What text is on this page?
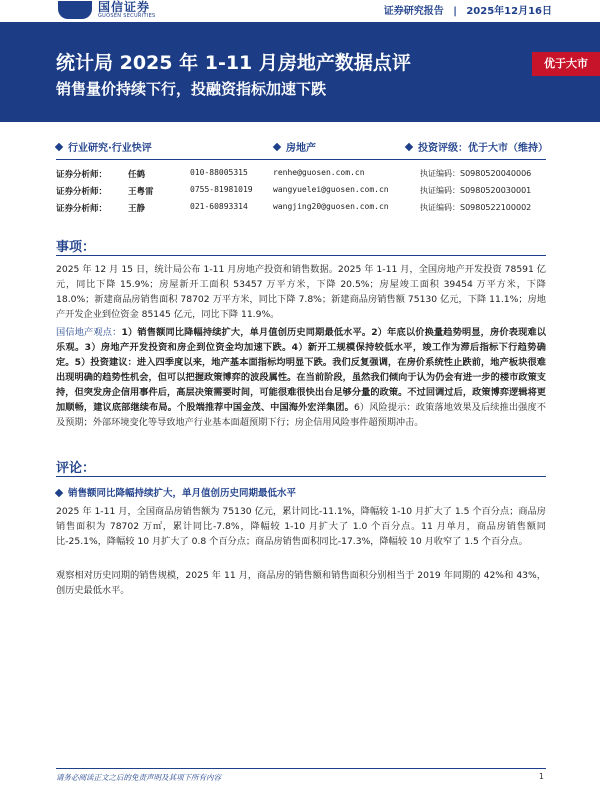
国信证券
GUOSEN SECURITIES	证券研究报告 | 2025年12月16日
统计局 2025 年 1-11 月房地产数据点评
销售量价持续下行，投融资指标加速下跌
优于大市
行业研究·行业快评	房地产	投资评级：优于大市（维持）
证券分析师： 任鹤	010-88005315	renhe@guosen.com.cn	执证编码：S0980520040006
证券分析师： 王粤雷	0755-81981019	wangyuelei@guosen.com.cn	执证编码：S0980520030001
证券分析师： 王静	021-60893314	wangjing20@guosen.com.cn	执证编码：S0980522100002
事项：
2025 年 12 月 15 日，统计局公布 1-11 月房地产投资和销售数据。2025 年 1-11 月，全国房地产开发投资 78591 亿元，同比下降 15.9%；房屋新开工面积 53457 万平方米，下降 20.5%；房屋竣工面积 39454 万平方米，下降 18.0%；新建商品房销售面积 78702 万平方米，同比下降 7.8%；新建商品房销售额 75130 亿元，下降 11.1%；房地产开发企业到位资金 85145 亿元，同比下降 11.9%。
国信地产观点：1）销售额同比降幅持续扩大，单月值创历史同期最低水平。2）年底以价换量趋势明显，房价表现难以乐观。3）房地产开发投资和房企到位资金均加速下跌。4）新开工规模保持较低水平，竣工作为滞后指标下行趋势确定。5）投资建议：进入四季度以来，地产基本面指标均明显下跌。我们反复强调，在房价系统性止跌前，地产板块很难出现明确的趋势性机会，但可以把握政策博弈的波段属性。在当前阶段，虽然我们倾向于认为仍会有进一步的楼市政策支持，但突发房企信用事件后，高层决策需要时间，可能很难很快出台足够分量的政策。不过回调过后，政策博弈逻辑将更加顺畅，建议底部继续布局。个股端推荐中国金茂、中国海外宏洋集团。6）风险提示：政策落地效果及后续推出强度不及预期；外部环境变化等导致地产行业基本面超预期下行；房企信用风险事件超预期冲击。
评论：
销售额同比降幅持续扩大，单月值创历史同期最低水平
2025 年 1-11 月，全国商品房销售额为 75130 亿元，累计同比-11.1%，降幅较 1-10 月扩大了 1.5 个百分点；商品房销售面积为 78702 万㎡，累计同比-7.8%，降幅较 1-10 月扩大了 1.0 个百分点。11 月单月，商品房销售额同比-25.1%，降幅较 10 月扩大了 0.8 个百分点；商品房销售面积同比-17.3%，降幅较 10 月收窄了 1.5 个百分点。
观察相对历史同期的销售规模，2025 年 11 月，商品房的销售额和销售面积分别相当于 2019 年同期的 42%和 43%，创历史最低水平。
请务必阅读正文之后的免责声明及其项下所有内容	1
